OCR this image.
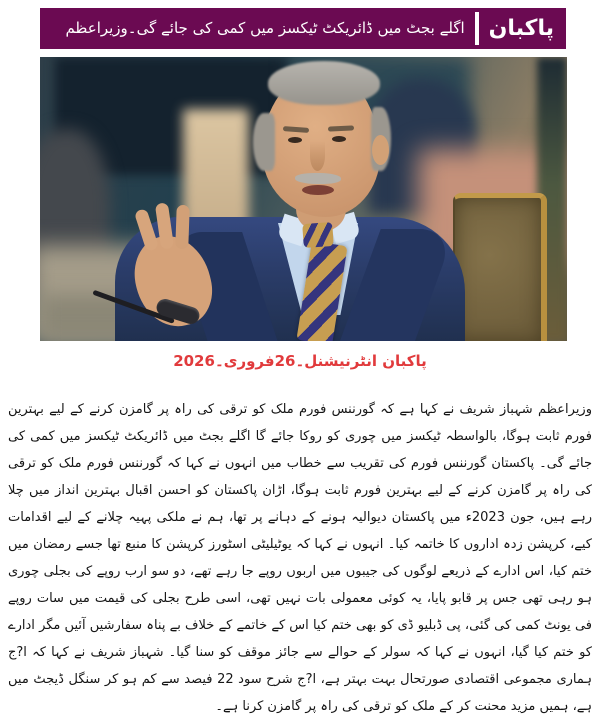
اگلے بجٹ میں ڈائریکٹ ٹیکسز میں کمی کی جائے گی۔وزیراعظم	پاکبان
پاکبان انٹرنیشنل۔26فروری۔2026

وزیراعظم شہباز شریف نے کہا ہے کہ گورننس فورم ملک کو ترقی کی راہ پر گامزن کرنے کے لیے بہترین فورم ثابت ہوگا، بالواسطہ ٹیکسز میں چوری کو روکا جائے گا اگلے بجٹ میں ڈائریکٹ ٹیکسز میں کمی کی جائے گی۔ پاکستان گورننس فورم کی تقریب سے خطاب میں انہوں نے کہا کہ گورننس فورم ملک کو ترقی کی راہ پر گامزن کرنے کے لیے بہترین فورم ثابت ہوگا، اڑان پاکستان کو احسن اقبال بہترین انداز میں چلا رہے ہیں، جون 2023ء میں پاکستان دیوالیہ ہونے کے دہانے پر تھا، ہم نے ملکی پہیہ چلانے کے لیے اقدامات کیے، کرپشن زدہ اداروں کا خاتمہ کیا۔ انہوں نے کہا کہ یوٹیلیٹی اسٹورز کرپشن کا منبع تھا جسے رمضان میں ختم کیا، اس ادارے کے ذریعے لوگوں کی جیبوں میں اربوں روپے جا رہے تھے، دو سو ارب روپے کی بجلی چوری ہو رہی تھی جس پر قابو پایا، یہ کوئی معمولی بات نہیں تھی، اسی طرح بجلی کی قیمت میں سات روپے فی یونٹ کمی کی گئی، پی ڈبلیو ڈی کو بھی ختم کیا اس کے خاتمے کے خلاف بے پناہ سفارشیں آئیں مگر ادارے کو ختم کیا گیا، انہوں نے کہا کہ سولر کے حوالے سے جائز موقف کو سنا گیا۔ شہباز شریف نے کہا کہ ا?ج ہماری مجموعی اقتصادی صورتحال بہت بہتر ہے، ا?ج شرح سود 22 فیصد سے کم ہو کر سنگل ڈیجٹ میں ہے، ہمیں مزید محنت کر کے ملک کو ترقی کی راہ پر گامزن کرنا ہے۔
